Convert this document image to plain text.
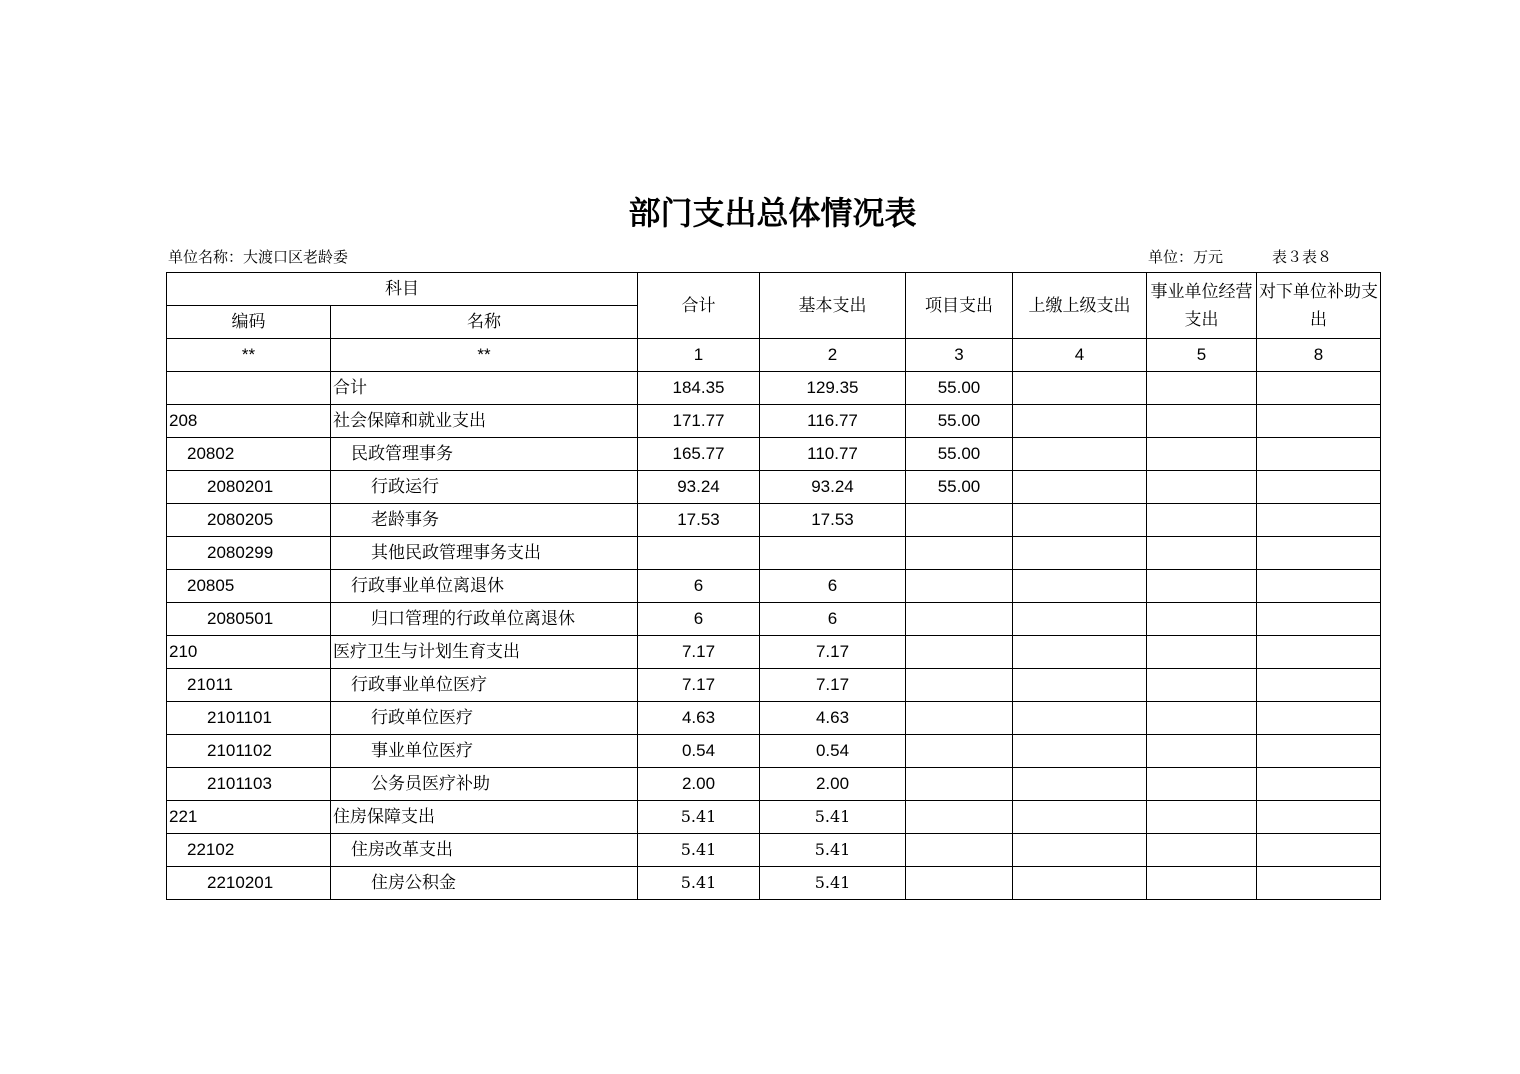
部门支出总体情况表
单位名称：大渡口区老龄委	单位：万元	表３表８
科目		合计	基本支出	项目支出	上缴上级支出	事业单位经营支出	对下单位补助支出
编码	名称						
**	**	1	2	3	4	5	8
	合计	184.35	129.35	55.00			
208	社会保障和就业支出	171.77	116.77	55.00			
20802	民政管理事务	165.77	110.77	55.00			
2080201	行政运行	93.24	93.24	55.00			
2080205	老龄事务	17.53	17.53				
2080299	其他民政管理事务支出						
20805	行政事业单位离退休	6	6				
2080501	归口管理的行政单位离退休	6	6				
210	医疗卫生与计划生育支出	7.17	7.17				
21011	行政事业单位医疗	7.17	7.17				
2101101	行政单位医疗	4.63	4.63				
2101102	事业单位医疗	0.54	0.54				
2101103	公务员医疗补助	2.00	2.00				
221	住房保障支出	5.41	5.41				
22102	住房改革支出	5.41	5.41				
2210201	住房公积金	5.41	5.41				
